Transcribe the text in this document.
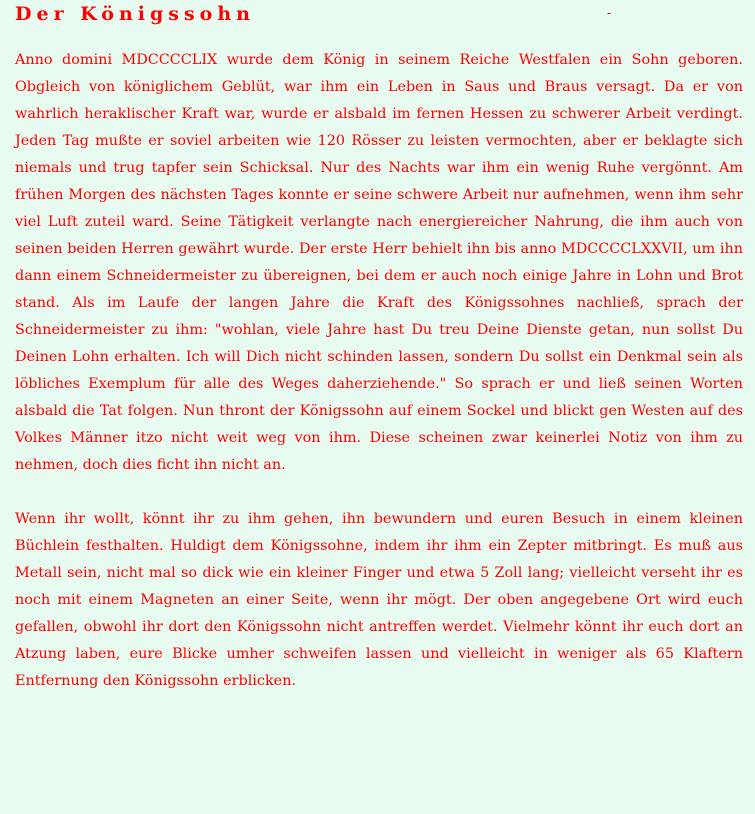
Der Königssohn	-

Anno domini MDCCCCLIX wurde dem König in seinem Reiche Westfalen ein Sohn geboren. Obgleich von königlichem Geblüt, war ihm ein Leben in Saus und Braus versagt. Da er von wahrlich heraklischer Kraft war, wurde er alsbald im fernen Hessen zu schwerer Arbeit verdingt. Jeden Tag mußte er soviel arbeiten wie 120 Rösser zu leisten vermochten, aber er beklagte sich niemals und trug tapfer sein Schicksal. Nur des Nachts war ihm ein wenig Ruhe vergönnt. Am frühen Morgen des nächsten Tages konnte er seine schwere Arbeit nur aufnehmen, wenn ihm sehr viel Luft zuteil ward. Seine Tätigkeit verlangte nach energiereicher Nahrung, die ihm auch von seinen beiden Herren gewährt wurde. Der erste Herr behielt ihn bis anno MDCCCCLXXVII, um ihn dann einem Schneidermeister zu übereignen, bei dem er auch noch einige Jahre in Lohn und Brot stand. Als im Laufe der langen Jahre die Kraft des Königssohnes nachließ, sprach der Schneidermeister zu ihm: "wohlan, viele Jahre hast Du treu Deine Dienste getan, nun sollst Du Deinen Lohn erhalten. Ich will Dich nicht schinden lassen, sondern Du sollst ein Denkmal sein als löbliches Exemplum für alle des Weges daherziehende." So sprach er und ließ seinen Worten alsbald die Tat folgen. Nun thront der Königssohn auf einem Sockel und blickt gen Westen auf des Volkes Männer itzo nicht weit weg von ihm. Diese scheinen zwar keinerlei Notiz von ihm zu nehmen, doch dies ficht ihn nicht an.

Wenn ihr wollt, könnt ihr zu ihm gehen, ihn bewundern und euren Besuch in einem kleinen Büchlein festhalten. Huldigt dem Königssohne, indem ihr ihm ein Zepter mitbringt. Es muß aus Metall sein, nicht mal so dick wie ein kleiner Finger und etwa 5 Zoll lang; vielleicht verseht ihr es noch mit einem Magneten an einer Seite, wenn ihr mögt. Der oben angegebene Ort wird euch gefallen, obwohl ihr dort den Königssohn nicht antreffen werdet. Vielmehr könnt ihr euch dort an Atzung laben, eure Blicke umher schweifen lassen und vielleicht in weniger als 65 Klaftern Entfernung den Königssohn erblicken.
